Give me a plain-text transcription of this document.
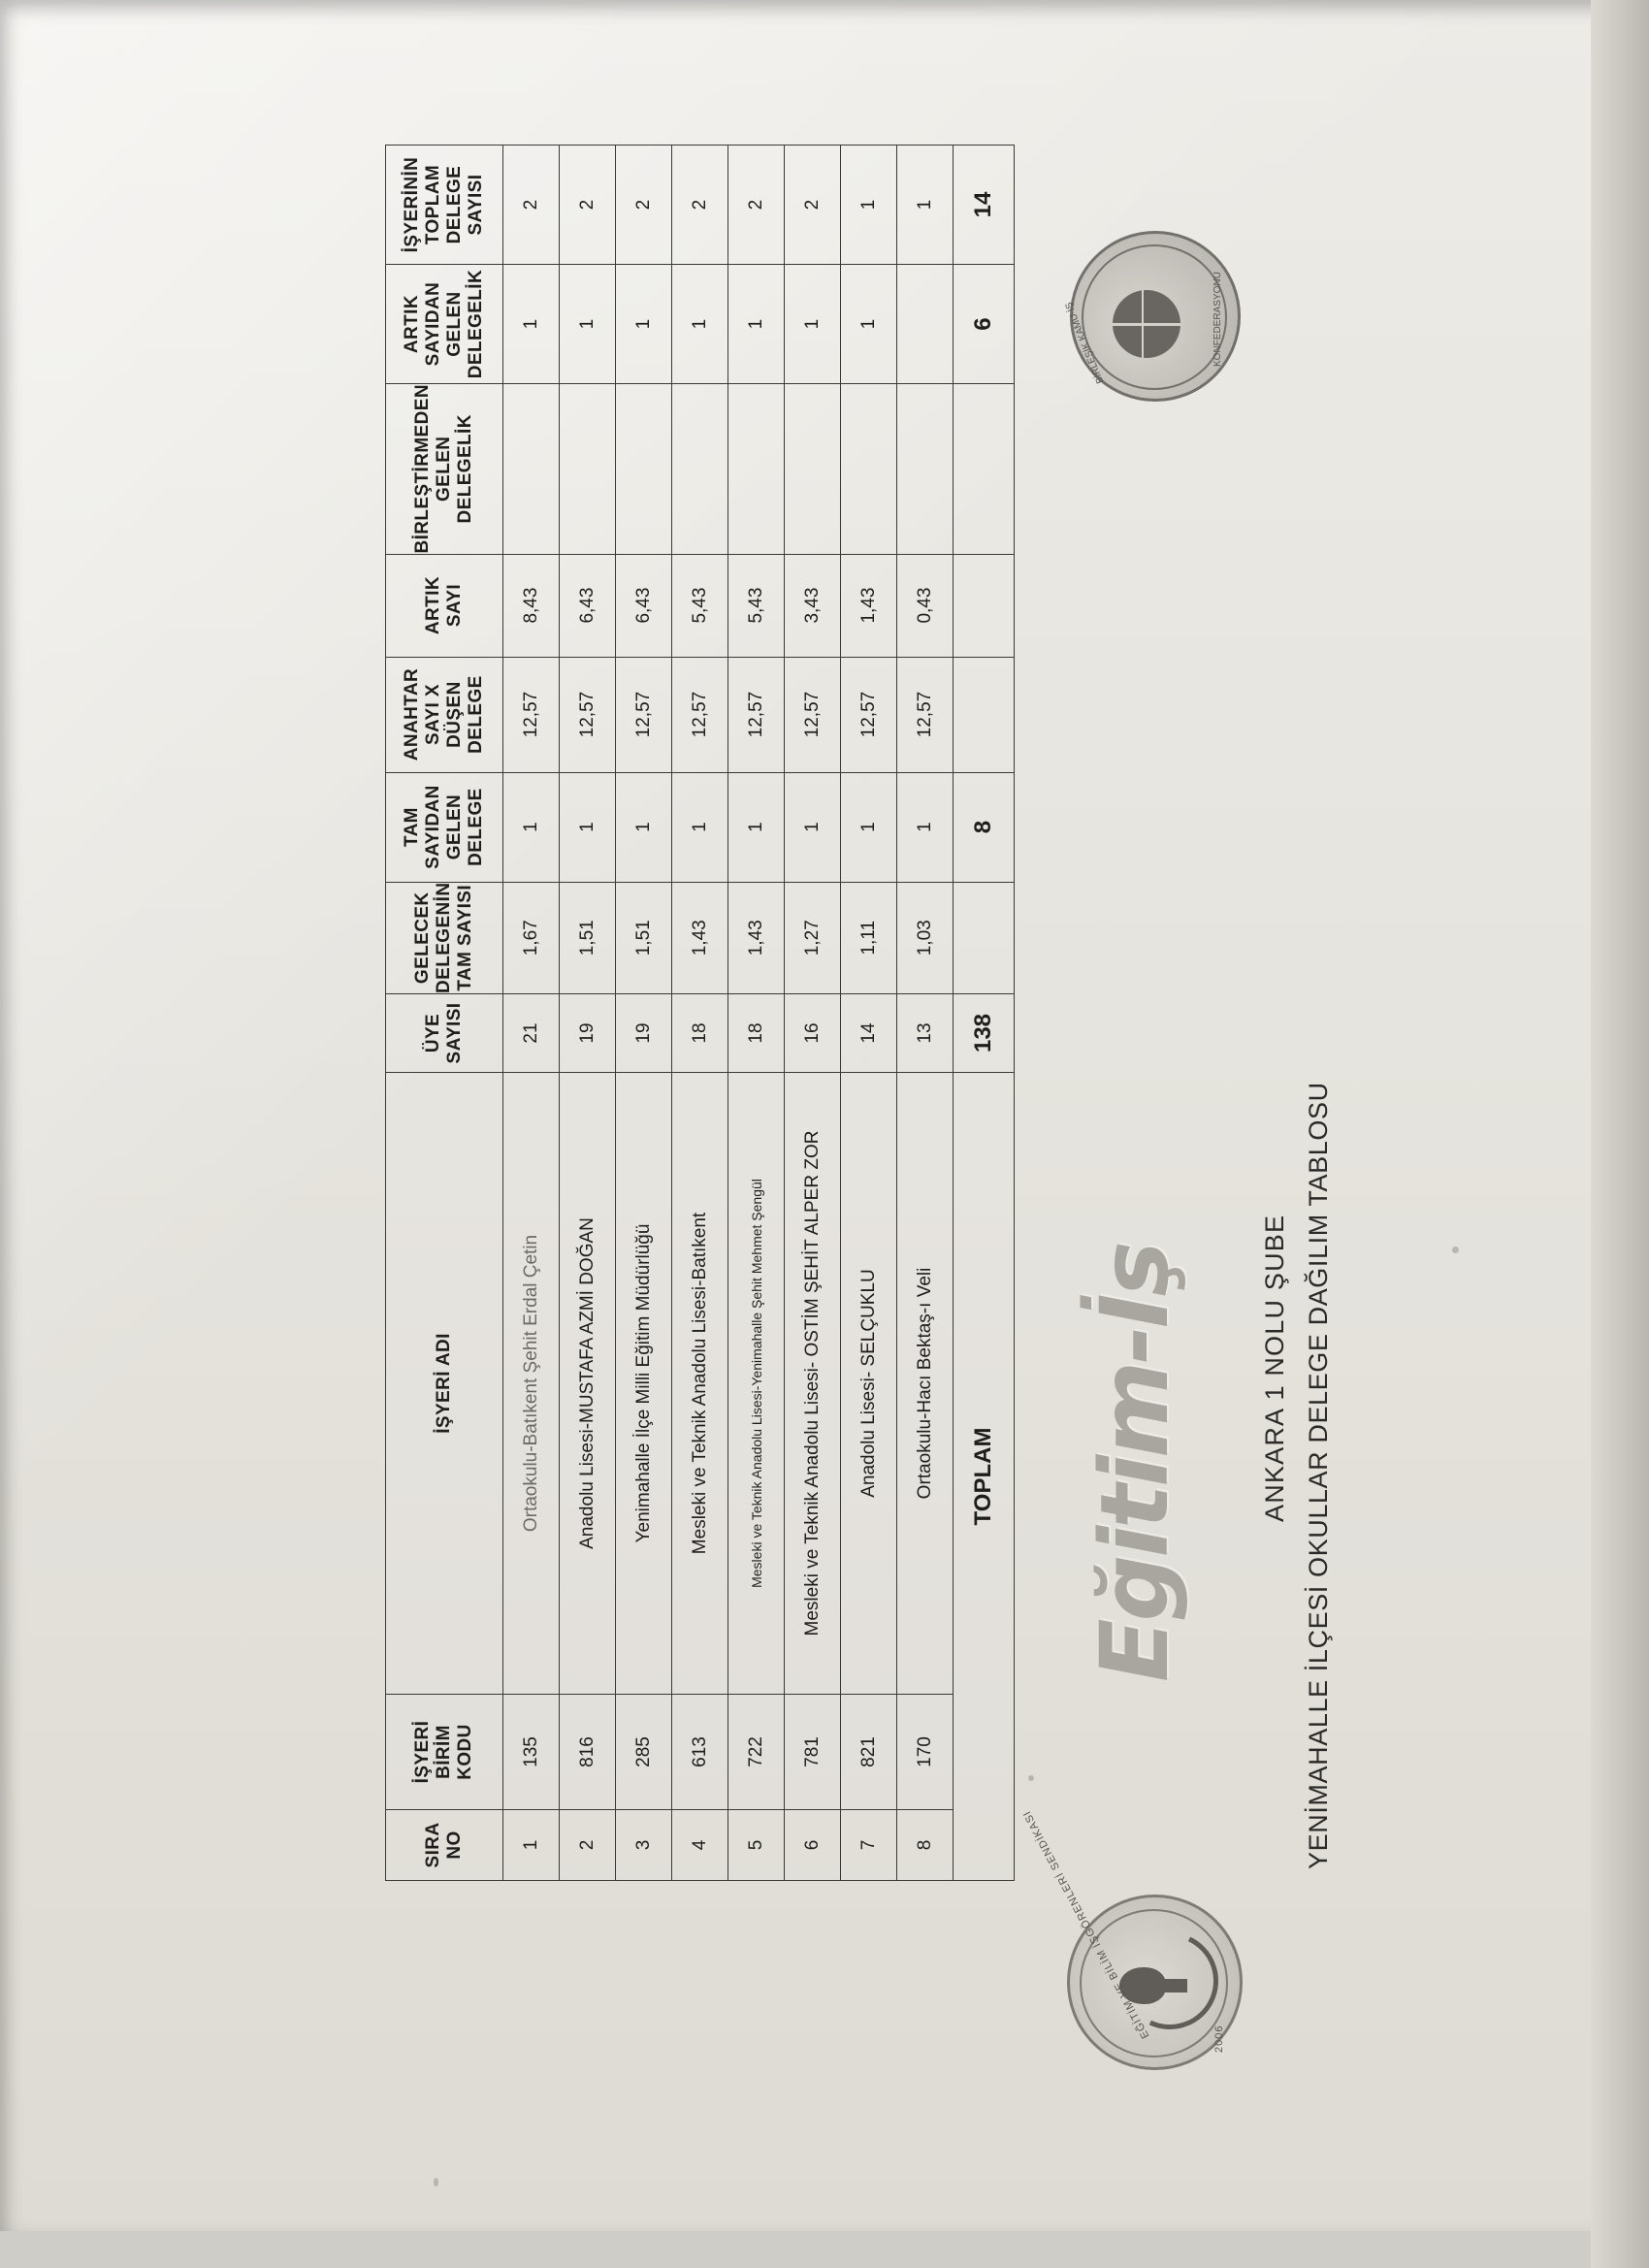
EĞİTİM VE BİLİM İŞGÖRENLERİ SENDİKASI	2006
BİRLEŞİK KAMU-İŞ	KONFEDERASYONU
Eğitim-İş	ANKARA 1 NOLU ŞUBE YENİMAHALLE İLÇESİ OKULLAR DELEGE DAĞILIM TABLOSU
SIRA NO	İŞYERİ BİRİM KODU	İŞYERİ ADI	ÜYE SAYISI	GELECEK DELEGENİN TAM SAYISI	TAM SAYIDAN GELEN DELEGE	ANAHTAR SAYI X DÜŞEN DELEGE	ARTIK SAYI	BİRLEŞTİRMEDEN GELEN DELEGELİK	ARTIK SAYIDAN GELEN DELEGELİK	İŞYERİNİN TOPLAM DELEGE SAYISI
1	135	Ortaokulu-Batıkent Şehit Erdal Çetin	21	1,67	1	12,57	8,43		1	2
2	816	Anadolu Lisesi-MUSTAFA AZMİ DOĞAN	19	1,51	1	12,57	6,43		1	2
3	285	Yenimahalle İlçe Milli Eğitim Müdürlüğü	19	1,51	1	12,57	6,43		1	2
4	613	Mesleki ve Teknik Anadolu Lisesi-Batıkent	18	1,43	1	12,57	5,43		1	2
5	722	Mesleki ve Teknik Anadolu Lisesi-Yenimahalle Şehit Mehmet Şengül	18	1,43	1	12,57	5,43		1	2
6	781	Mesleki ve Teknik Anadolu Lisesi- OSTİM ŞEHİT ALPER ZOR	16	1,27	1	12,57	3,43		1	2
7	821	Anadolu Lisesi- SELÇUKLU	14	1,11	1	12,57	1,43		1	1
8	170	Ortaokulu-Hacı Bektaş-ı Veli	13	1,03	1	12,57	0,43			1
TOPLAM			138		8				6	14
